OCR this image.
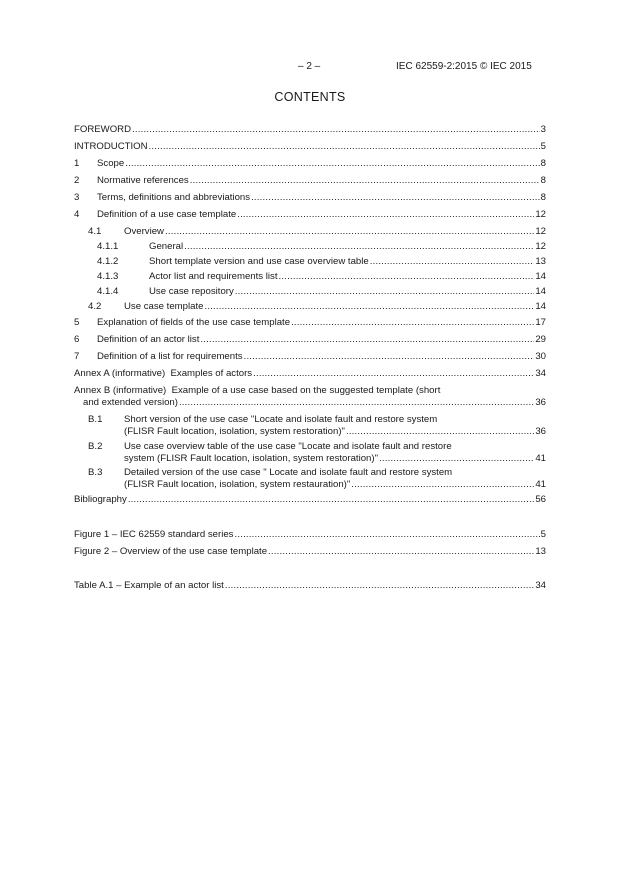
– 2 –	IEC 62559-2:2015 © IEC 2015
CONTENTS
FOREWORD .....	3
INTRODUCTION .....	5
1	Scope .....	8
2	Normative references .....	8
3	Terms, definitions and abbreviations .....	8
4	Definition of a use case template .....	12
4.1 Overview .....	12
4.1.1	General .....	12
4.1.2	Short template version and use case overview table .....	13
4.1.3	Actor list and requirements list .....	14
4.1.4	Use case repository .....	14
4.2 Use case template .....	14
5	Explanation of fields of the use case template .....	17
6	Definition of an actor list .....	29
7	Definition of a list for requirements .....	30
Annex A (informative)  Examples of actors .....	34
Annex B (informative)  Example of a use case based on the suggested template (short
and extended version) .....	36
B.1 Short version of the use case "Locate and isolate fault and restore system
(FLISR Fault location, isolation, system restoration)" .....	36
B.2 Use case overview table of the use case "Locate and isolate fault and restore
system (FLISR Fault location, isolation, system restoration)" .....	41
B.3 Detailed version of the use case " Locate and isolate fault and restore system
(FLISR Fault location, isolation, system restauration)" .....	41
Bibliography .....	56
Figure 1 – IEC 62559 standard series .....	5
Figure 2 – Overview of the use case template .....	13
Table A.1 – Example of an actor list .....	34
